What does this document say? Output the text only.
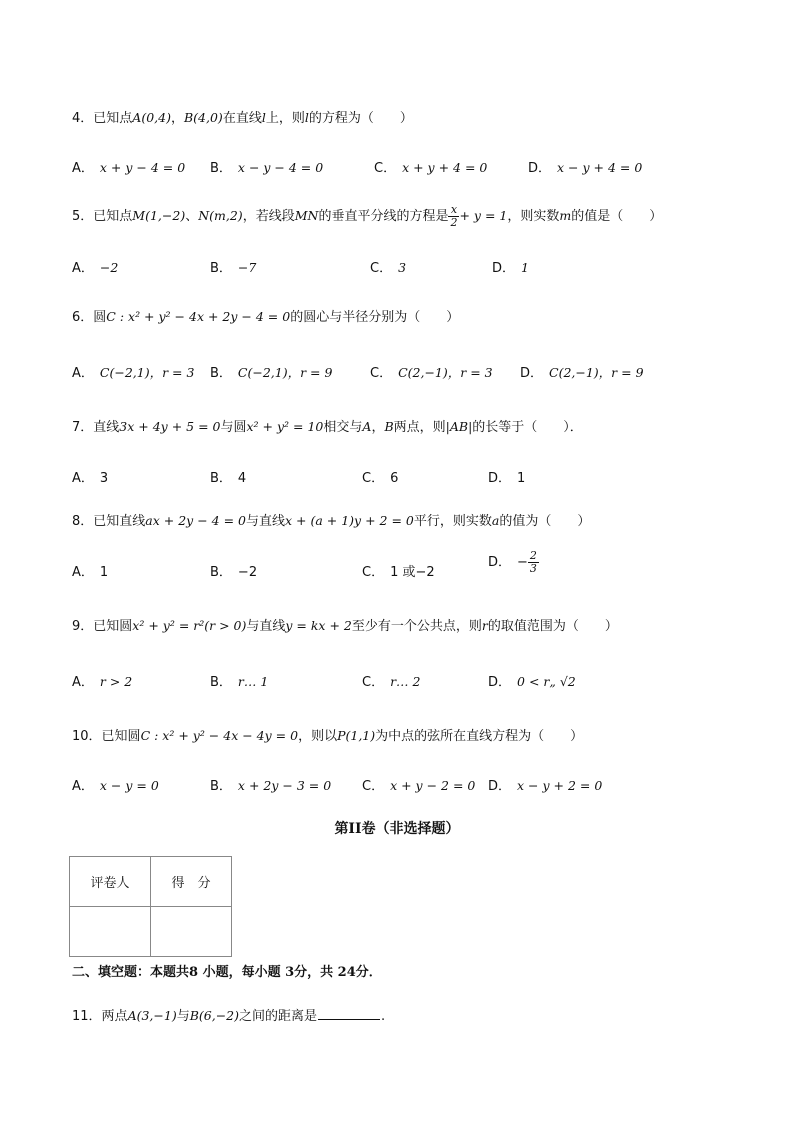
4．已知点A(0,4)，B(4,0)在直线l上，则l的方程为（　　）
A． x + y − 4 = 0 B． x − y − 4 = 0	C． x + y + 4 = 0	D． x − y + 4 = 0
5．已知点M(1,−2)、N(m,2)，若线段MN的垂直平分线的方程是 $\frac{x}{2} + y = 1$，则实数m的值是（　　）
A． −2	B． −7	C． 3	D． 1
6．圆C : x² + y² − 4x + 2y − 4 = 0的圆心与半径分别为（　　）
A． C(−2,1)，r = 3 B． C(−2,1)，r = 9	C． C(2,−1)，r = 3 D． C(2,−1)，r = 9
7．直线3x + 4y + 5 = 0与圆x² + y² = 10相交与A，B两点，则|AB|的长等于（　　）．
A． 3	B． 4	C． 6	D． 1
8．已知直线ax + 2y − 4 = 0与直线x + (a + 1)y + 2 = 0平行，则实数a的值为（　　）
A． 1	B． −2	C． 1 或−2
D． − $\frac{2}{3}$
9．已知圆x² + y² = r²(r > 0)与直线y = kx + 2至少有一个公共点，则r的取值范围为（　　）
A． r > 2	B． r… 1	C． r… 2	D． 0 < r„ √2
10．已知圆C : x² + y² − 4x − 4y = 0，则以P(1,1)为中点的弦所在直线方程为（　　）
A． x − y = 0	B． x + 2y − 3 = 0 C． x + y − 2 = 0 D． x − y + 2 = 0
第II卷（非选择题）
评卷人	得　分

二、填空题：本题共8 小题，每小题 3分，共 24分．
11．两点A(3,−1)与B(6,−2)之间的距离是	.
